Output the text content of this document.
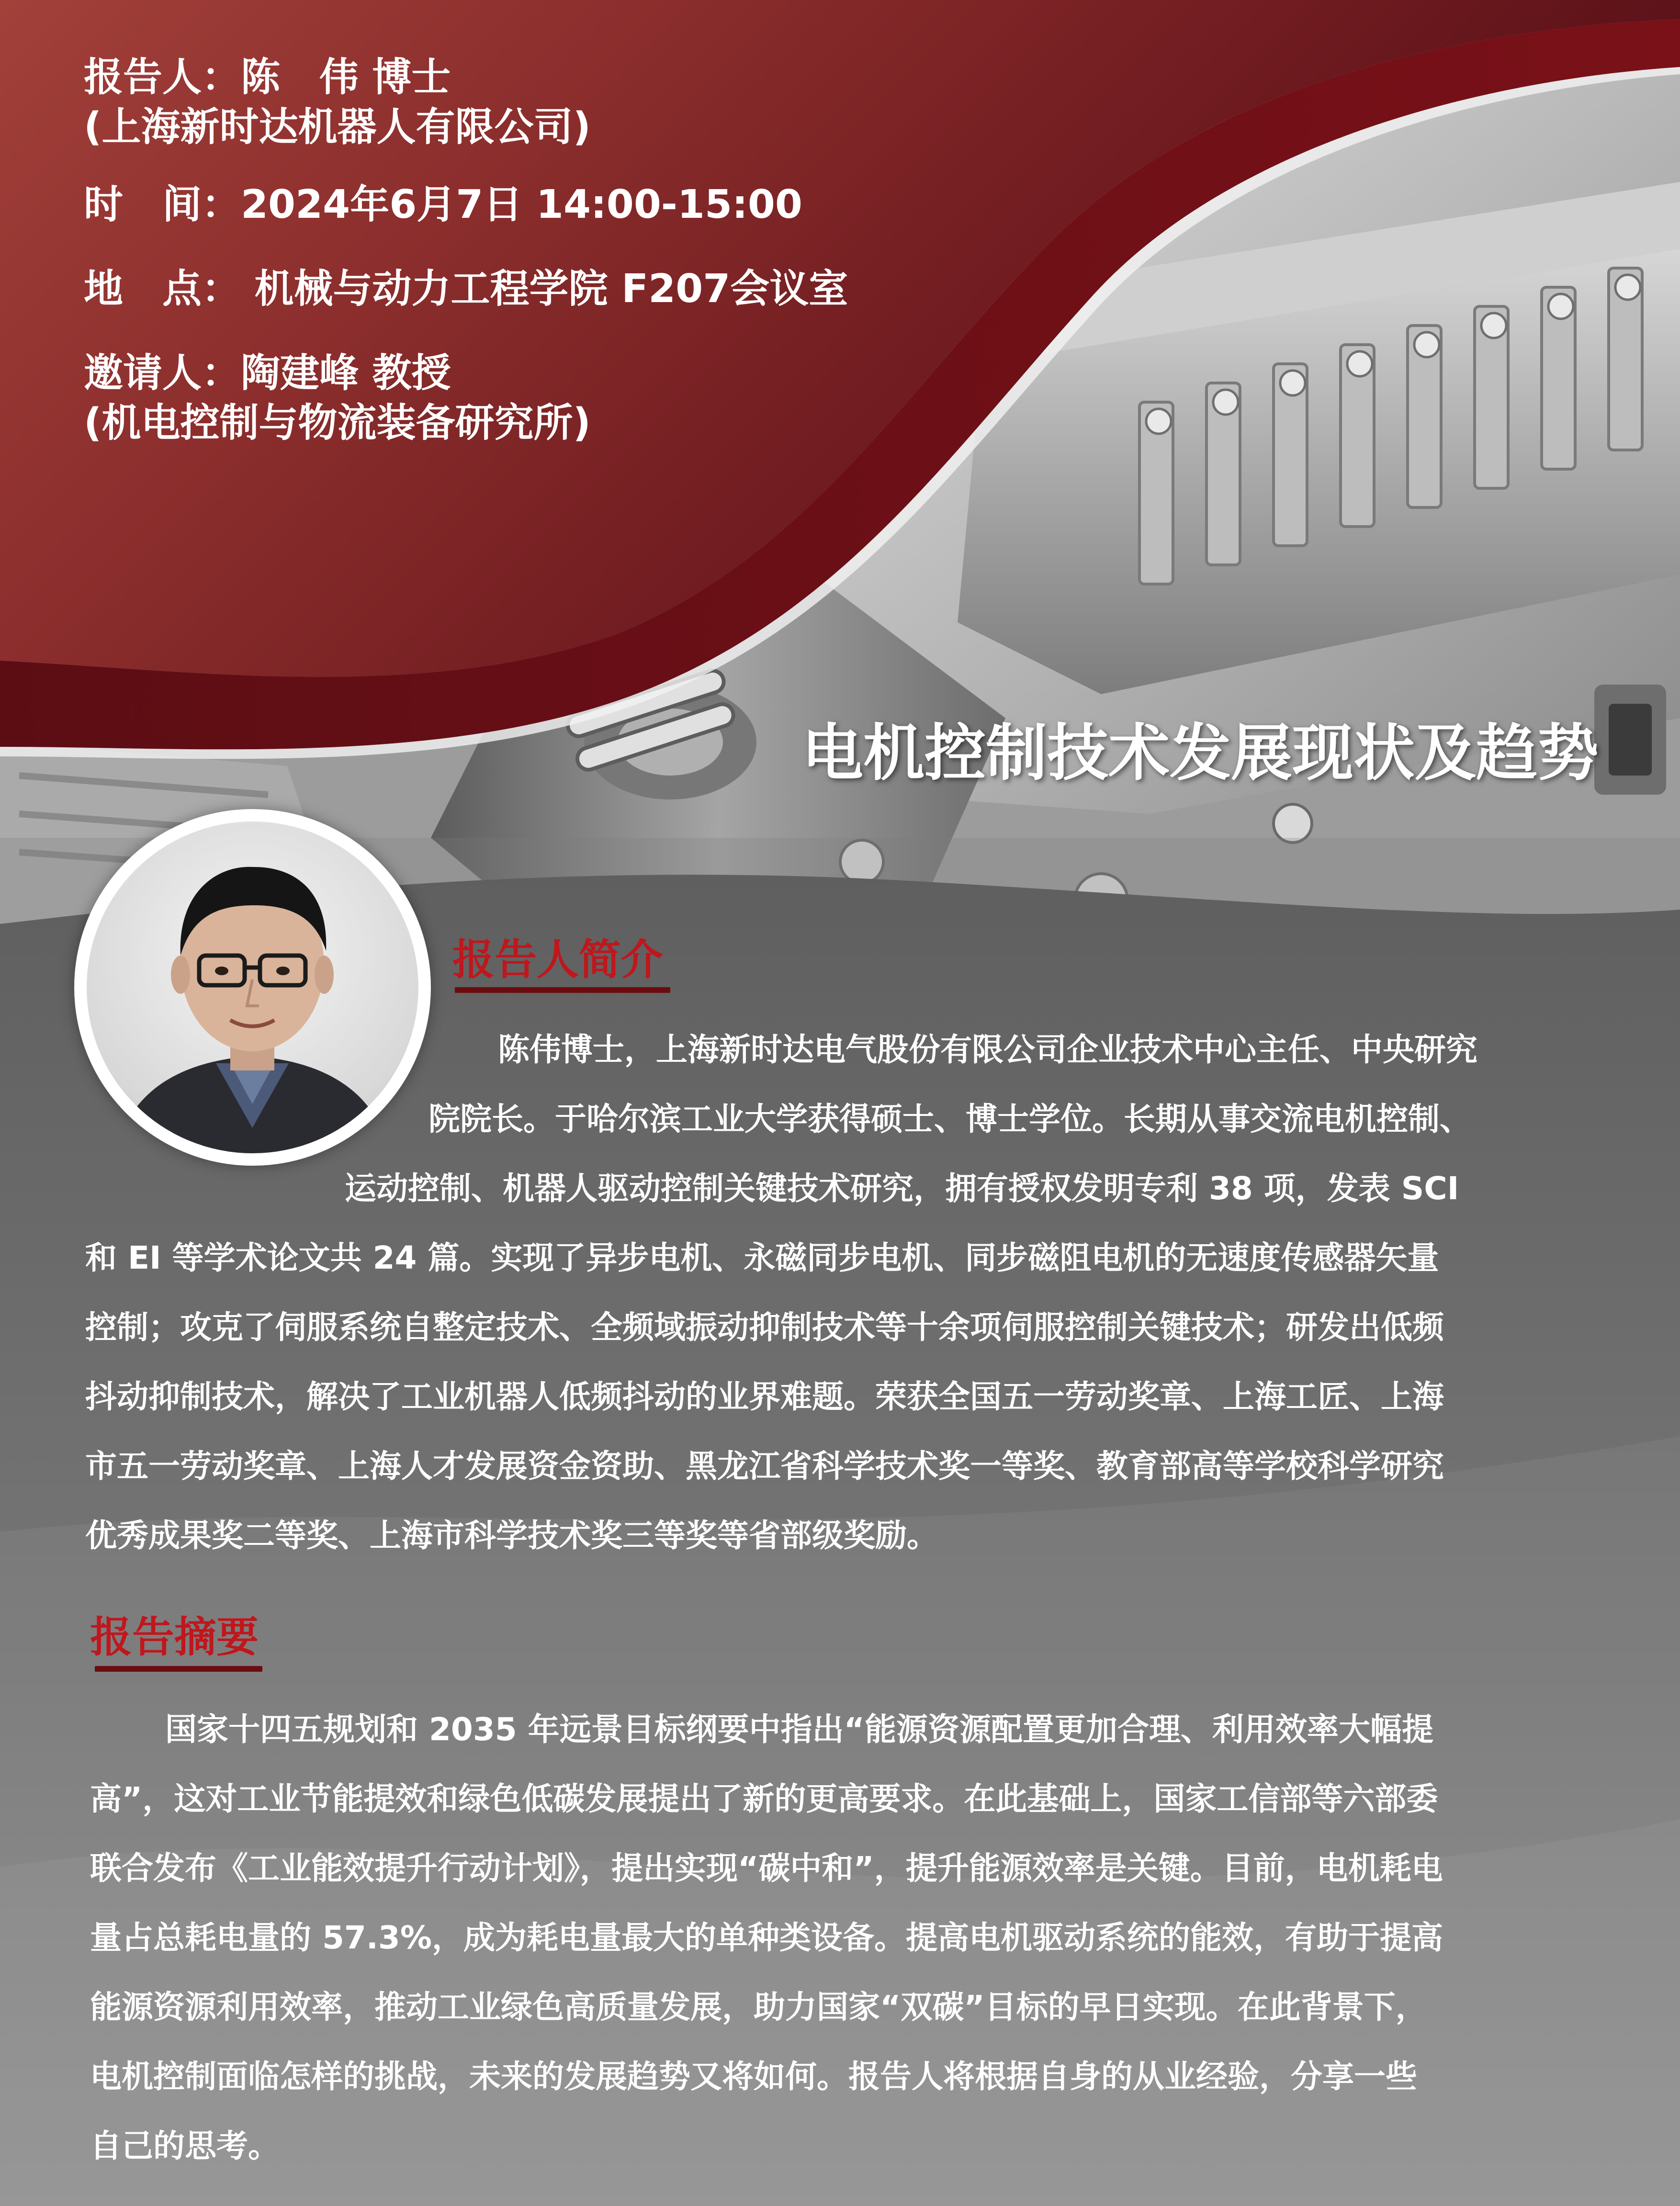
报告人：陈　伟 博士
(上海新时达机器人有限公司)
时　间：2024年6月7日 14:00-15:00
地　点： 机械与动力工程学院 F207会议室
邀请人：陶建峰 教授
(机电控制与物流装备研究所)
电机控制技术发展现状及趋势
报告人简介
陈伟博士，上海新时达电气股份有限公司企业技术中心主任、中央研究
院院长。于哈尔滨工业大学获得硕士、博士学位。长期从事交流电机控制、
运动控制、机器人驱动控制关键技术研究，拥有授权发明专利 38 项，发表 SCI
和 EI 等学术论文共 24 篇。实现了异步电机、永磁同步电机、同步磁阻电机的无速度传感器矢量
控制；攻克了伺服系统自整定技术、全频域振动抑制技术等十余项伺服控制关键技术；研发出低频
抖动抑制技术，解决了工业机器人低频抖动的业界难题。荣获全国五一劳动奖章、上海工匠、上海
市五一劳动奖章、上海人才发展资金资助、黑龙江省科学技术奖一等奖、教育部高等学校科学研究
优秀成果奖二等奖、上海市科学技术奖三等奖等省部级奖励。
报告摘要
国家十四五规划和 2035 年远景目标纲要中指出“能源资源配置更加合理、利用效率大幅提
高”，这对工业节能提效和绿色低碳发展提出了新的更高要求。在此基础上，国家工信部等六部委
联合发布《工业能效提升行动计划》，提出实现“碳中和”，提升能源效率是关键。目前，电机耗电
量占总耗电量的 57.3%，成为耗电量最大的单种类设备。提高电机驱动系统的能效，有助于提高
能源资源利用效率，推动工业绿色高质量发展，助力国家“双碳”目标的早日实现。在此背景下，
电机控制面临怎样的挑战，未来的发展趋势又将如何。报告人将根据自身的从业经验，分享一些
自己的思考。
